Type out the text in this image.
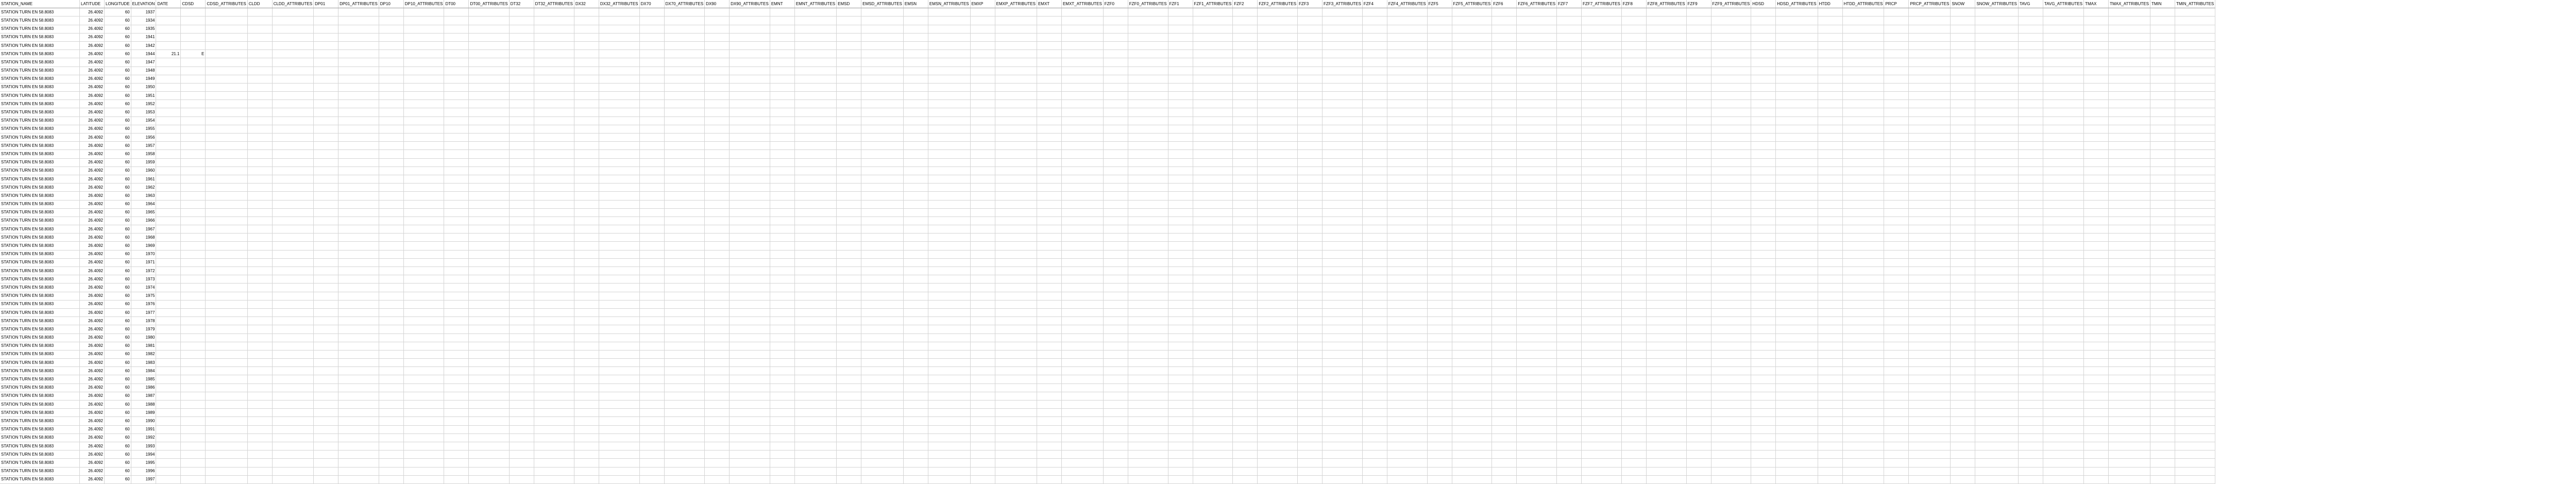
STATION_NAME	LATITUDE	LONGITUDE	ELEVATION	DATE	CDSD	CDSD_ATTRIBUTES	CLDD	CLDD_ATTRIBUTES	DP01	DP01_ATTRIBUTES	DP10	DP10_ATTRIBUTES	DT00	DT00_ATTRIBUTES	DT32	DT32_ATTRIBUTES	DX32	DX32_ATTRIBUTES	DX70	DX70_ATTRIBUTES	DX90	DX90_ATTRIBUTES	EMNT	EMNT_ATTRIBUTES	EMSD	EMSD_ATTRIBUTES	EMSN	EMSN_ATTRIBUTES	EMXP	EMXP_ATTRIBUTES	EMXT	EMXT_ATTRIBUTES	FZF0	FZF0_ATTRIBUTES	FZF1	FZF1_ATTRIBUTES	FZF2	FZF2_ATTRIBUTES	FZF3	FZF3_ATTRIBUTES	FZF4	FZF4_ATTRIBUTES	FZF5	FZF5_ATTRIBUTES	FZF6	FZF6_ATTRIBUTES	FZF7	FZF7_ATTRIBUTES	FZF8	FZF8_ATTRIBUTES	FZF9	FZF9_ATTRIBUTES	HDSD	HDSD_ATTRIBUTES	HTDD	HTDD_ATTRIBUTES	PRCP	PRCP_ATTRIBUTES	SNOW	SNOW_ATTRIBUTES	TAVG	TAVG_ATTRIBUTES	TMAX	TMAX_ATTRIBUTES	TMIN	TMIN_ATTRIBUTES
STATION TURN EN 58.8083	26.4092	60	1937																																																															
STATION TURN EN 58.8083	26.4092	60	1934																																																															
STATION TURN EN 58.8083	26.4092	60	1935																																																															
STATION TURN EN 58.8083	26.4092	60	1941																																																															
STATION TURN EN 58.8083	26.4092	60	1942																																																															
STATION TURN EN 58.8083	26.4092	60	1944	21.1	E																																																													
STATION TURN EN 58.8083	26.4092	60	1947																																																															
STATION TURN EN 58.8083	26.4092	60	1948																																																															
STATION TURN EN 58.8083	26.4092	60	1949																																																															
STATION TURN EN 58.8083	26.4092	60	1950																																																															
STATION TURN EN 58.8083	26.4092	60	1951																																																															
STATION TURN EN 58.8083	26.4092	60	1952																																																															
STATION TURN EN 58.8083	26.4092	60	1953																																																															
STATION TURN EN 58.8083	26.4092	60	1954																																																															
STATION TURN EN 58.8083	26.4092	60	1955																																																															
STATION TURN EN 58.8083	26.4092	60	1956																																																															
STATION TURN EN 58.8083	26.4092	60	1957																																																															
STATION TURN EN 58.8083	26.4092	60	1958																																																															
STATION TURN EN 58.8083	26.4092	60	1959																																																															
STATION TURN EN 58.8083	26.4092	60	1960																																																															
STATION TURN EN 58.8083	26.4092	60	1961																																																															
STATION TURN EN 58.8083	26.4092	60	1962																																																															
STATION TURN EN 58.8083	26.4092	60	1963																																																															
STATION TURN EN 58.8083	26.4092	60	1964																																																															
STATION TURN EN 58.8083	26.4092	60	1965																																																															
STATION TURN EN 58.8083	26.4092	60	1966																																																															
STATION TURN EN 58.8083	26.4092	60	1967																																																															
STATION TURN EN 58.8083	26.4092	60	1968																																																															
STATION TURN EN 58.8083	26.4092	60	1969																																																															
STATION TURN EN 58.8083	26.4092	60	1970																																																															
STATION TURN EN 58.8083	26.4092	60	1971																																																															
STATION TURN EN 58.8083	26.4092	60	1972																																																															
STATION TURN EN 58.8083	26.4092	60	1973																																																															
STATION TURN EN 58.8083	26.4092	60	1974																																																															
STATION TURN EN 58.8083	26.4092	60	1975																																																															
STATION TURN EN 58.8083	26.4092	60	1976																																																															
STATION TURN EN 58.8083	26.4092	60	1977																																																															
STATION TURN EN 58.8083	26.4092	60	1978																																																															
STATION TURN EN 58.8083	26.4092	60	1979																																																															
STATION TURN EN 58.8083	26.4092	60	1980																																																															
STATION TURN EN 58.8083	26.4092	60	1981																																																															
STATION TURN EN 58.8083	26.4092	60	1982																																																															
STATION TURN EN 58.8083	26.4092	60	1983																																																															
STATION TURN EN 58.8083	26.4092	60	1984																																																															
STATION TURN EN 58.8083	26.4092	60	1985																																																															
STATION TURN EN 58.8083	26.4092	60	1986																																																															
STATION TURN EN 58.8083	26.4092	60	1987																																																															
STATION TURN EN 58.8083	26.4092	60	1988																																																															
STATION TURN EN 58.8083	26.4092	60	1989																																																															
STATION TURN EN 58.8083	26.4092	60	1990																																																															
STATION TURN EN 58.8083	26.4092	60	1991																																																															
STATION TURN EN 58.8083	26.4092	60	1992																																																															
STATION TURN EN 58.8083	26.4092	60	1993																																																															
STATION TURN EN 58.8083	26.4092	60	1994																																																															
STATION TURN EN 58.8083	26.4092	60	1995																																																															
STATION TURN EN 58.8083	26.4092	60	1996																																																															
STATION TURN EN 58.8083	26.4092	60	1997																																																															
